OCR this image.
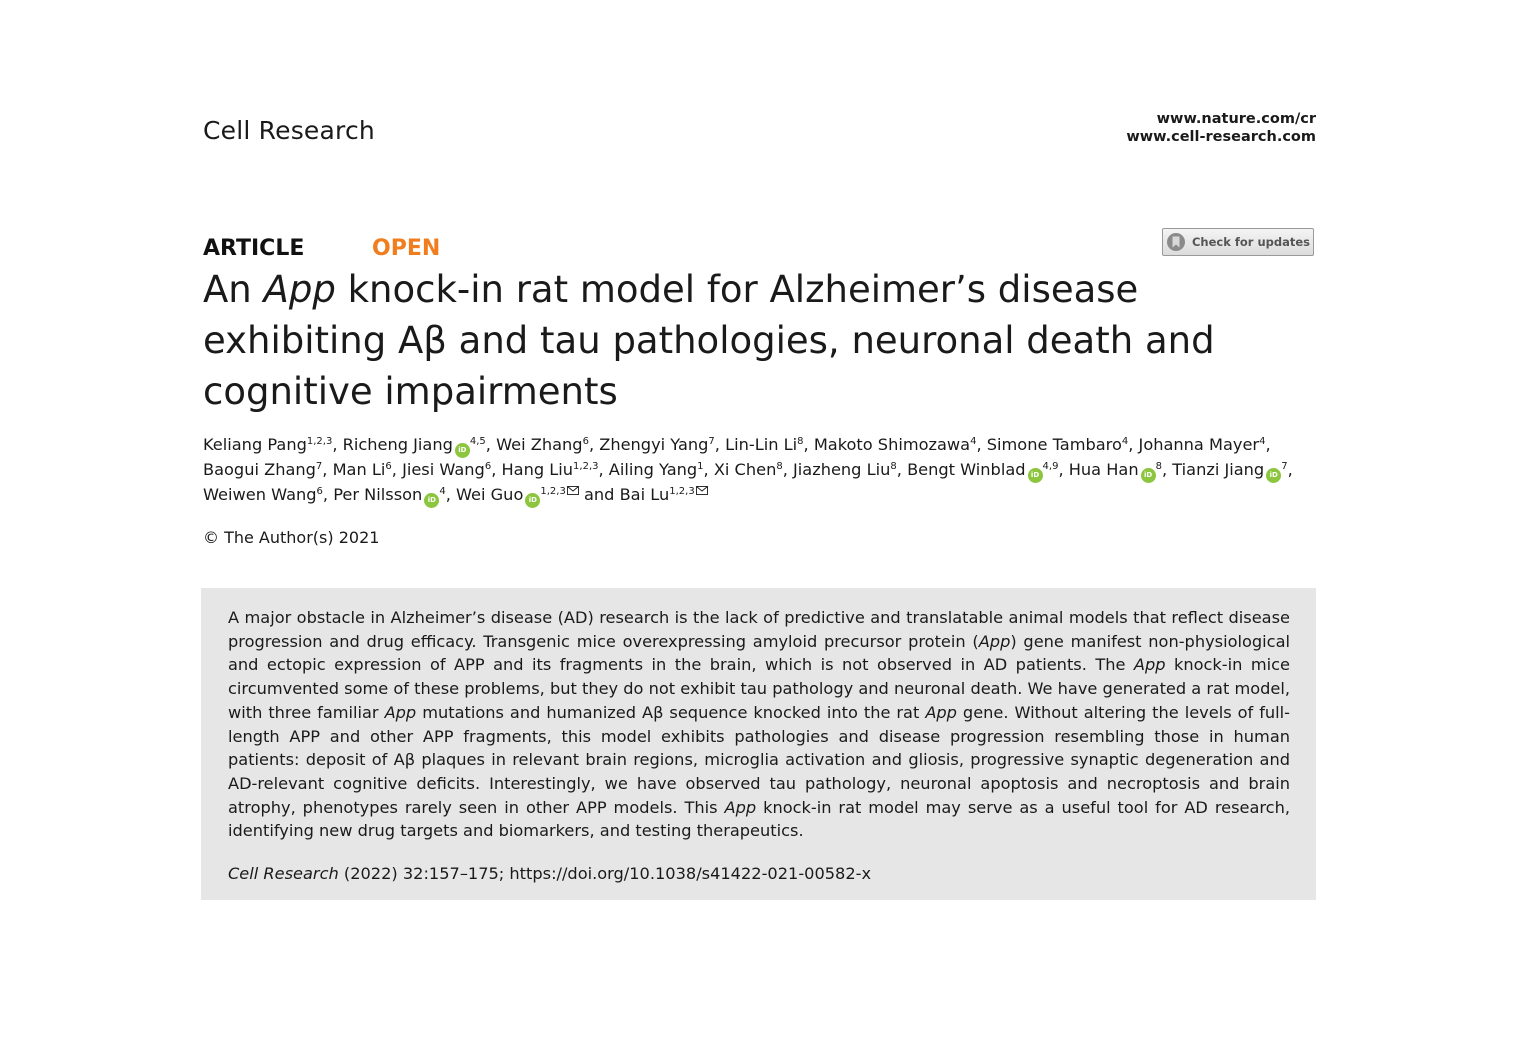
Cell Research	www.nature.com/cr
www.cell-research.com
ARTICLE	OPEN	Check for updates
An App knock-in rat model for Alzheimer’s disease exhibiting Aβ and tau pathologies, neuronal death and cognitive impairments
Keliang Pang$^{1,2,3}$, Richeng Jiang iD$^{4,5}$, Wei Zhang$^6$, Zhengyi Yang$^7$, Lin-Lin Li$^8$, Makoto Shimozawa$^4$, Simone Tambaro$^4$, Johanna Mayer$^4$, Baogui Zhang$^7$, Man Li$^6$, Jiesi Wang$^6$, Hang Liu$^{1,2,3}$, Ailing Yang$^1$, Xi Chen$^8$, Jiazheng Liu$^8$, Bengt Winblad iD$^{4,9}$, Hua Han $iD^8$, Tianzi Jiang $iD^7$, Weiwen Wang$^6$, Per Nilsson $iD^4$, Wei Guo iD$^{1,2,3}$ and Bai Lu$^{1,2,3}$
© The Author(s) 2021

A major obstacle in Alzheimer’s disease (AD) research is the lack of predictive and translatable animal models that reflect disease progression and drug efficacy. Transgenic mice overexpressing amyloid precursor protein (App) gene manifest non-physiological and ectopic expression of APP and its fragments in the brain, which is not observed in AD patients. The App knock-in mice circumvented some of these problems, but they do not exhibit tau pathology and neuronal death. We have generated a rat model, with three familiar App mutations and humanized Aβ sequence knocked into the rat App gene. Without altering the levels of full-length APP and other APP fragments, this model exhibits pathologies and disease progression resembling those in human patients: deposit of Aβ plaques in relevant brain regions, microglia activation and gliosis, progressive synaptic degeneration and AD-relevant cognitive deficits. Interestingly, we have observed tau pathology, neuronal apoptosis and necroptosis and brain atrophy, phenotypes rarely seen in other APP models. This App knock-in rat model may serve as a useful tool for AD research, identifying new drug targets and biomarkers, and testing therapeutics.

Cell Research (2022) 32:157–175; https://doi.org/10.1038/s41422-021-00582-x
